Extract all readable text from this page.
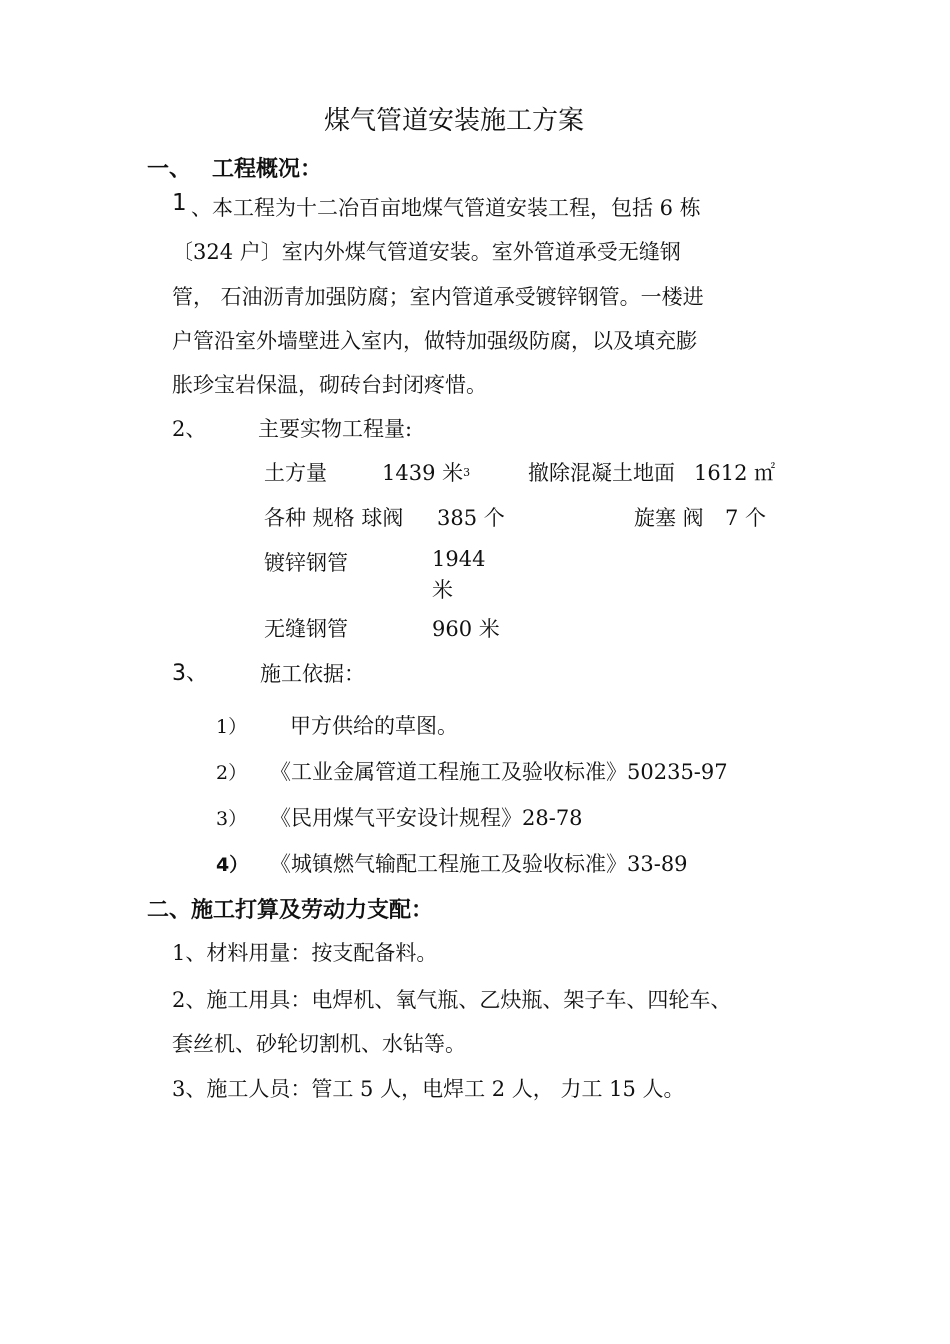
煤气管道安装施工方案
一、 工程概况：
1 、本工程为十二冶百亩地煤气管道安装工程，包括 6 栋
〔324 户〕室内外煤气管道安装。室外管道承受无缝钢
管， 石油沥青加强防腐；室内管道承受镀锌钢管。一楼进
户管沿室外墙壁进入室内，做特加强级防腐，以及填充膨
胀珍宝岩保温，砌砖台封闭疼惜。
2、 主要实物工程量:
土方量	1439 米3	撤除混凝土地面 1612 ㎡
各种 规格 球阀 385 个	旋塞 阀 7 个
镀锌钢管	1944
米
无缝钢管	960 米
3、 施工依据：
1） 甲方供给的草图。
2） 《工业金属管道工程施工及验收标准》50235-97
3） 《民用煤气平安设计规程》28-78
4） 《城镇燃气输配工程施工及验收标准》33-89
二、施工打算及劳动力支配：
1、材料用量：按支配备料。
2、施工用具：电焊机、氧气瓶、乙炔瓶、架子车、四轮车、
套丝机、砂轮切割机、水钻等。
3、施工人员：管工 5 人，电焊工 2 人， 力工 15 人。
